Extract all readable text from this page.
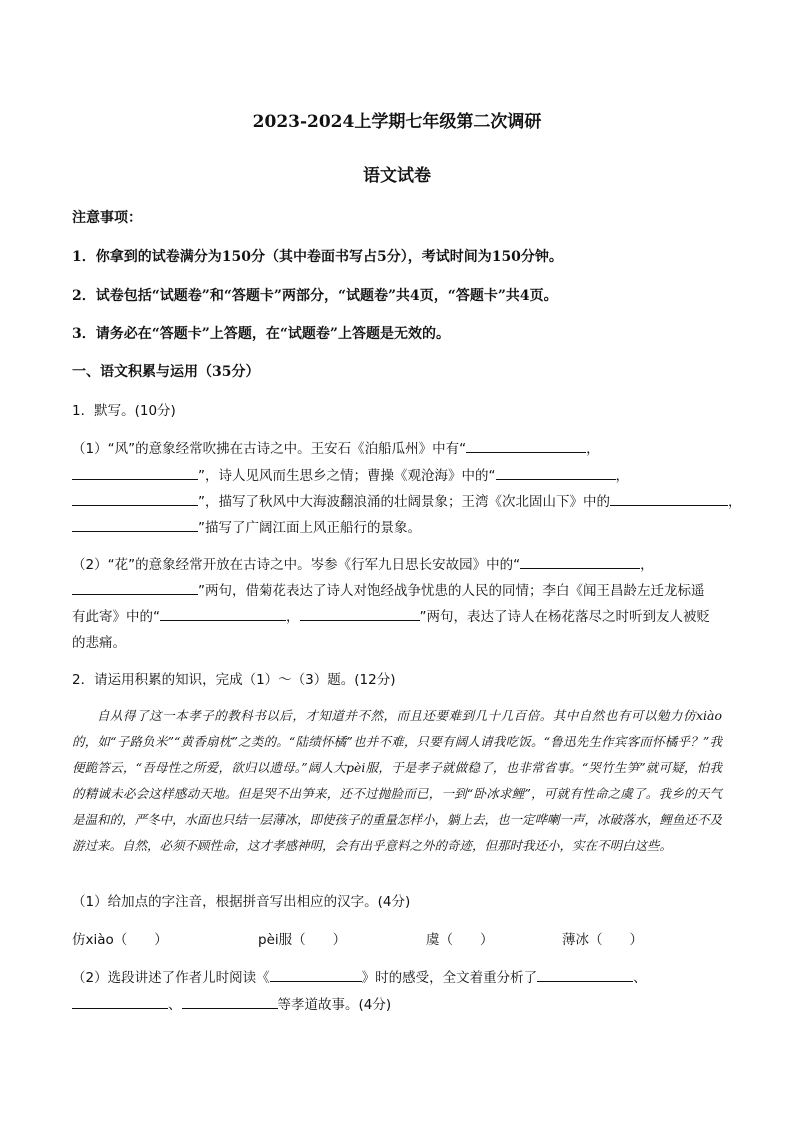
2023-2024上学期七年级第二次调研
语文试卷
注意事项：
1．你拿到的试卷满分为150分（其中卷面书写占5分），考试时间为150分钟。
2．试卷包括“试题卷”和“答题卡”两部分，“试题卷”共4页，“答题卡”共4页。
3．请务必在“答题卡”上答题，在“试题卷”上答题是无效的。
一、语文积累与运用（35分）
1．默写。(10分)
（1）“风”的意象经常吹拂在古诗之中。王安石《泊船瓜州》中有“	，
”，诗人见风而生思乡之情；曹操《观沧海》中的“	，
”，描写了秋风中大海波翻浪涌的壮阔景象；王湾《次北固山下》中的	，
”描写了广阔江面上风正船行的景象。
（2）“花”的意象经常开放在古诗之中。岑参《行军九日思长安故园》中的“	，
”两句，借菊花表达了诗人对饱经战争忧患的人民的同情；李白《闻王昌龄左迁龙标遥
有此寄》中的“	，	”两句，表达了诗人在杨花落尽之时听到友人被贬
的悲痛。
2．请运用积累的知识，完成（1）～（3）题。(12分)

自从得了这一本孝子的教科书以后，才知道并不然，而且还要难到几十几百倍。其中自然也有可以勉力仿xiào的，如“子路负米”“黄香扇枕”之类的。“陆绩怀橘”也并不难，只要有阔人请我吃饭。“鲁迅先生作宾客而怀橘乎？”我便跪答云，“吾母性之所爱，欲归以遗母。”阔人大pèi服，于是孝子就做稳了，也非常省事。“哭竹生笋”就可疑，怕我的精诚未必会这样感动天地。但是哭不出笋来，还不过抛脸而已，一到“卧冰求鲤”，可就有性命之虞了。我乡的天气是温和的，严冬中，水面也只结一层薄冰，即使孩子的重量怎样小，躺上去，也一定哗喇一声，冰破落水，鲤鱼还不及游过来。自然，必须不顾性命，这才孝感神明，会有出乎意料之外的奇迹，但那时我还小，实在不明白这些。

（1）给加点的字注音，根据拼音写出相应的汉字。(4分)
仿xiào（　　）	pèi服（　　）	虞（　　）	薄冰（　　）
（2）选段讲述了作者儿时阅读《	》时的感受，全文着重分析了	、
、	等孝道故事。(4分)
